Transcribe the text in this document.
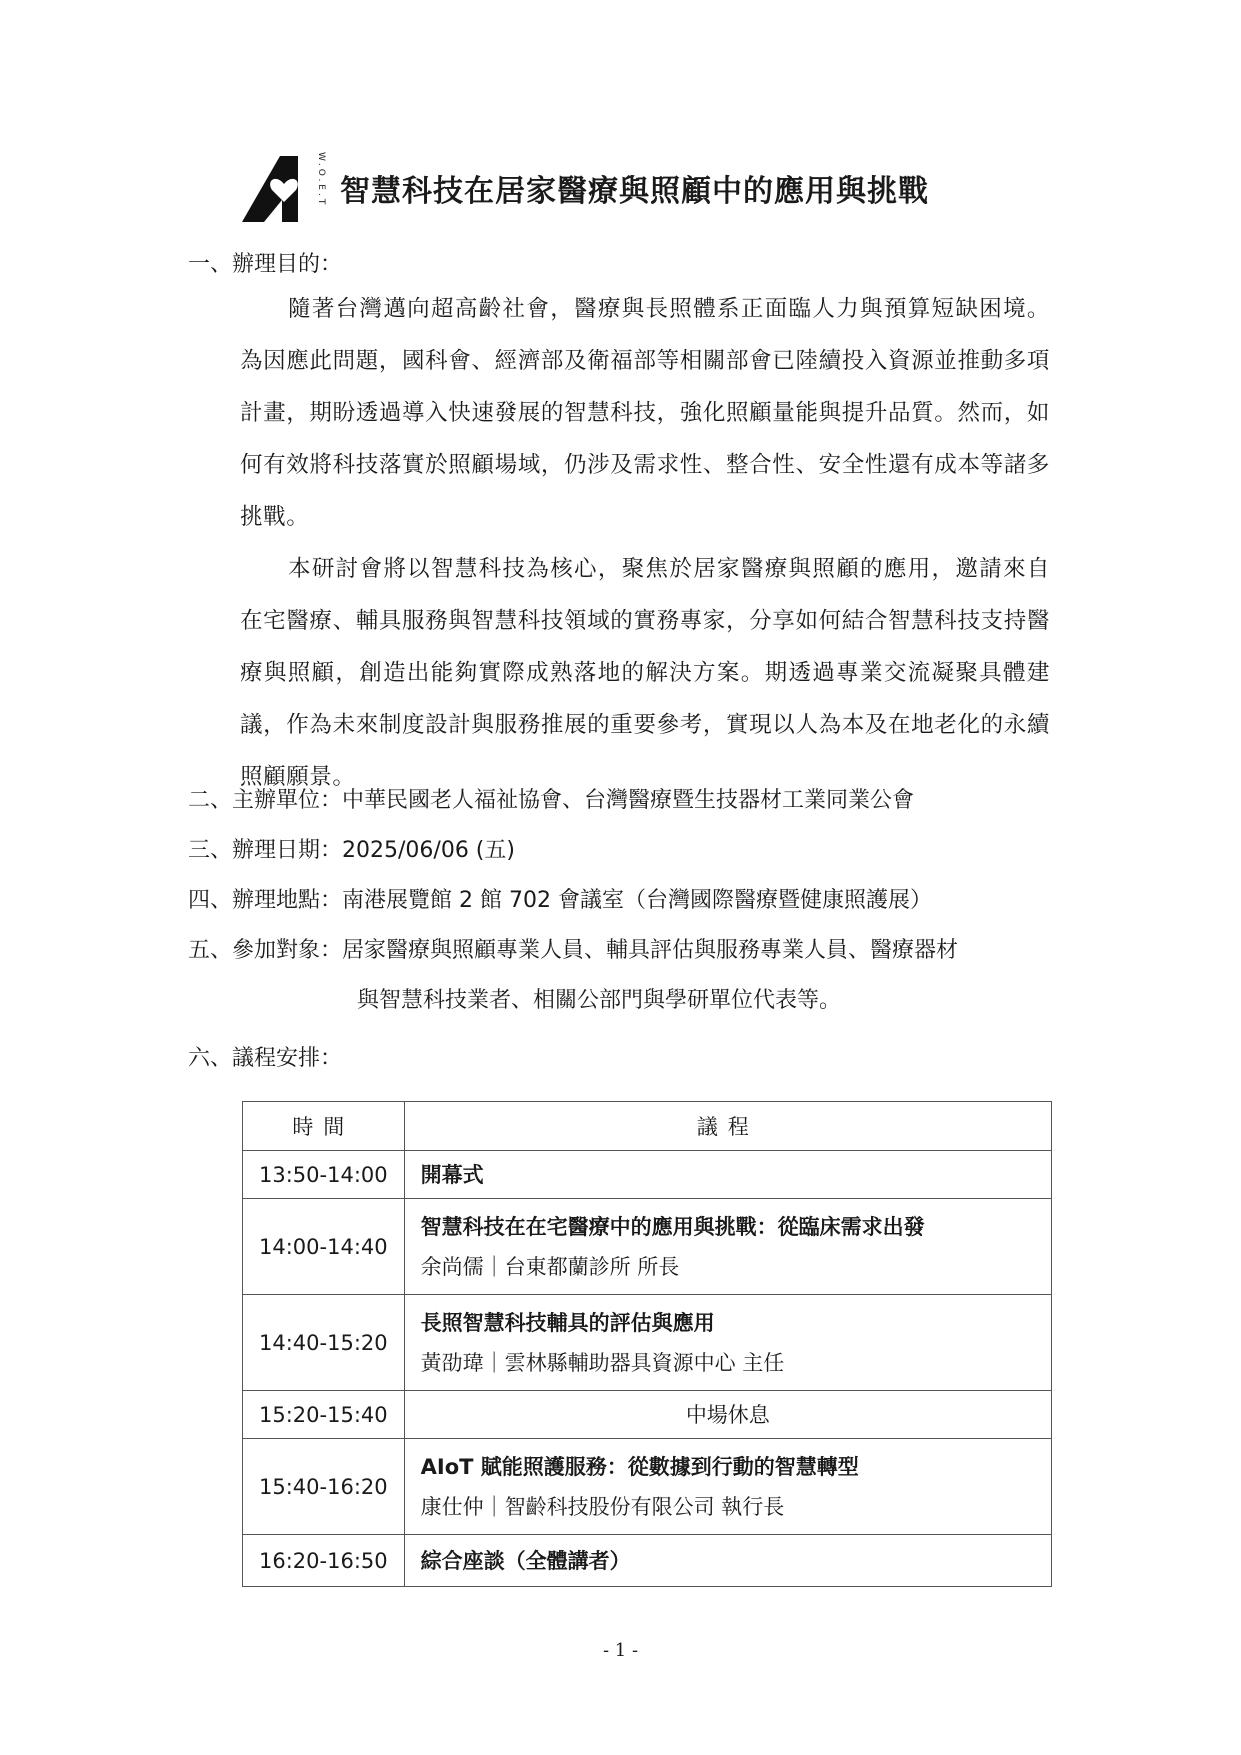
W.O.E.T 智慧科技在居家醫療與照顧中的應用與挑戰
一、辦理目的：
隨著台灣邁向超高齡社會，醫療與長照體系正面臨人力與預算短缺困境。為因應此問題，國科會、經濟部及衛福部等相關部會已陸續投入資源並推動多項計畫，期盼透過導入快速發展的智慧科技，強化照顧量能與提升品質。然而，如何有效將科技落實於照顧場域，仍涉及需求性、整合性、安全性還有成本等諸多挑戰。
本研討會將以智慧科技為核心，聚焦於居家醫療與照顧的應用，邀請來自在宅醫療、輔具服務與智慧科技領域的實務專家，分享如何結合智慧科技支持醫療與照顧，創造出能夠實際成熟落地的解決方案。期透過專業交流凝聚具體建議，作為未來制度設計與服務推展的重要參考，實現以人為本及在地老化的永續照顧願景。
二、主辦單位：中華民國老人福祉協會、台灣醫療暨生技器材工業同業公會
三、辦理日期：2025/06/06 (五)
四、辦理地點：南港展覽館 2 館 702 會議室（台灣國際醫療暨健康照護展）
五、參加對象：居家醫療與照顧專業人員、輔具評估與服務專業人員、醫療器材
與智慧科技業者、相關公部門與學研單位代表等。
六、議程安排：
時間	議程
13:50-14:00	開幕式

14:00-14:40	智慧科技在在宅醫療中的應用與挑戰：從臨床需求出發
余尚儒｜台東都蘭診所 所長

14:40-15:20	長照智慧科技輔具的評估與應用
黃劭瑋｜雲林縣輔助器具資源中心 主任

15:20-15:40	中場休息

15:40-16:20	AIoT 賦能照護服務：從數據到行動的智慧轉型
康仕仲｜智齡科技股份有限公司 執行長

16:20-16:50	綜合座談（全體講者）
- 1 -
